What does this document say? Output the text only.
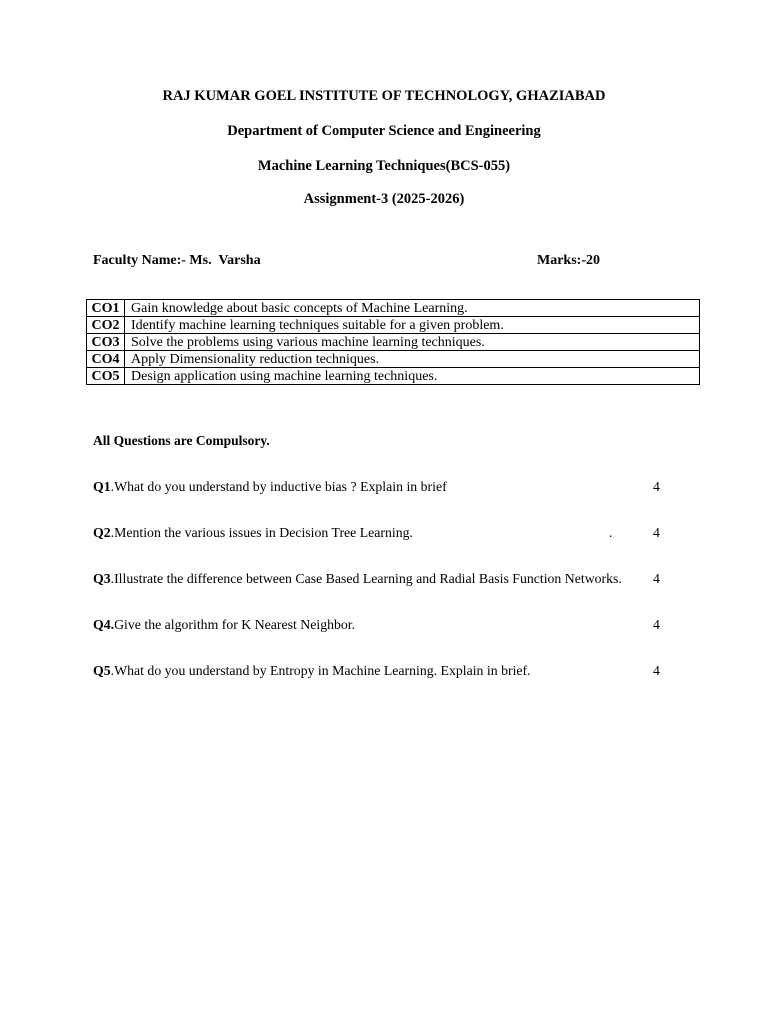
RAJ KUMAR GOEL INSTITUTE OF TECHNOLOGY, GHAZIABAD
Department of Computer Science and Engineering
Machine Learning Techniques(BCS-055)
Assignment-3 (2025-2026)
Faculty Name:- Ms.  Varsha	Marks:-20
CO1	Gain knowledge about basic concepts of Machine Learning.
CO2	Identify machine learning techniques suitable for a given problem.
CO3	Solve the problems using various machine learning techniques.
CO4	Apply Dimensionality reduction techniques.
CO5	Design application using machine learning techniques.
All Questions are Compulsory.
Q1.What do you understand by inductive bias ? Explain in brief	4
Q2.Mention the various issues in Decision Tree Learning.	.	4
Q3.Illustrate the difference between Case Based Learning and Radial Basis Function Networks. 4
Q4.Give the algorithm for K Nearest Neighbor.	4
Q5.What do you understand by Entropy in Machine Learning. Explain in brief.	4
